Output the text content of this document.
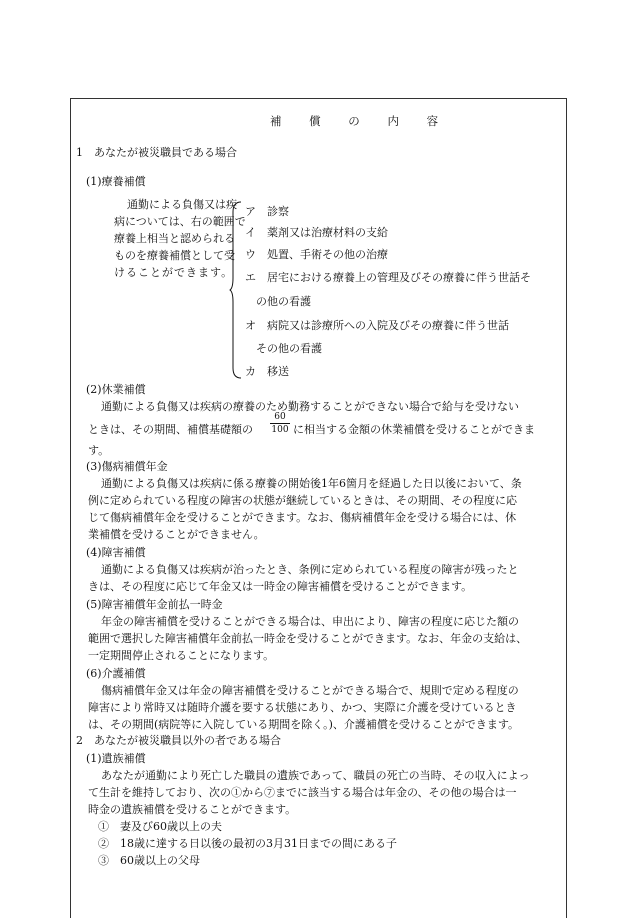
補 償 の 内 容
1　あなたが被災職員である場合
(1)療養補償
通勤による負傷又は疾
病については、右の範囲で
療養上相当と認められる
ものを療養補償として受
けることができます。
ア　診察
イ　薬剤又は治療材料の支給
ウ　処置、手術その他の治療
エ　居宅における療養上の管理及びその療養に伴う世話そ
　の他の看護
オ　病院又は診療所への入院及びその療養に伴う世話
　その他の看護
カ　移送
(2)休業補償
通勤による負傷又は疾病の療養のため勤務することができない場合で給与を受けない
ときは、その期間、補償基礎額の
60
100 に相当する金額の休業補償を受けることができま
す。
(3)傷病補償年金
通勤による負傷又は疾病に係る療養の開始後1年6箇月を経過した日以後において、条
例に定められている程度の障害の状態が継続しているときは、その期間、その程度に応
じて傷病補償年金を受けることができます。なお、傷病補償年金を受ける場合には、休
業補償を受けることができません。
(4)障害補償
通勤による負傷又は疾病が治ったとき、条例に定められている程度の障害が残ったと
きは、その程度に応じて年金又は一時金の障害補償を受けることができます。
(5)障害補償年金前払一時金
年金の障害補償を受けることができる場合は、申出により、障害の程度に応じた額の
範囲で選択した障害補償年金前払一時金を受けることができます。なお、年金の支給は、
一定期間停止されることになります。
(6)介護補償
傷病補償年金又は年金の障害補償を受けることができる場合で、規則で定める程度の
障害により常時又は随時介護を要する状態にあり、かつ、実際に介護を受けているとき
は、その期間(病院等に入院している期間を除く。)、介護補償を受けることができます。
2　あなたが被災職員以外の者である場合
(1)遺族補償
あなたが通勤により死亡した職員の遺族であって、職員の死亡の当時、その収入によっ
て生計を維持しており、次の①から⑦までに該当する場合は年金の、その他の場合は一
時金の遺族補償を受けることができます。
①　妻及び60歳以上の夫
②　18歳に達する日以後の最初の3月31日までの間にある子
③　60歳以上の父母
